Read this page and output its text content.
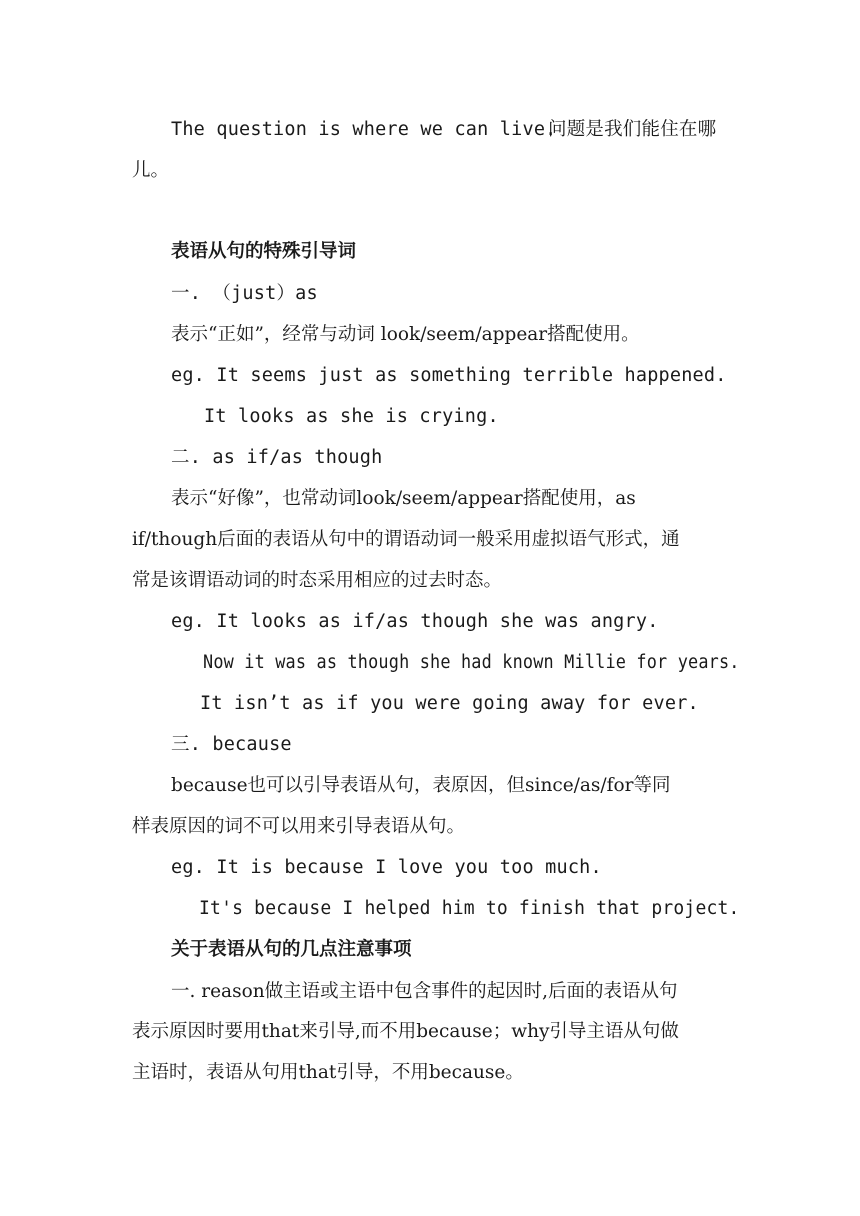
The question is where we can live.
问题是我们能住在哪
儿。
表语从句的特殊引导词
一. （just）as
表示“正如”，经常与动词 look/seem/appear搭配使用。
eg. It seems just as something terrible happened.
It looks as she is crying.
二. as if/as though
表示“好像”，也常动词look/seem/appear搭配使用，as
if/though后面的表语从句中的谓语动词一般采用虚拟语气形式，通
常是该谓语动词的时态采用相应的过去时态。
eg. It looks as if/as though she was angry.
Now it was as though she had known Millie for years.
It isn’t as if you were going away for ever.
三. because
because也可以引导表语从句，表原因，但since/as/for等同
样表原因的词不可以用来引导表语从句。
eg. It is because I love you too much.
It's because I helped him to finish that project.
关于表语从句的几点注意事项
一. reason做主语或主语中包含事件的起因时,后面的表语从句
表示原因时要用that来引导,而不用because；why引导主语从句做
主语时，表语从句用that引导，不用because。
